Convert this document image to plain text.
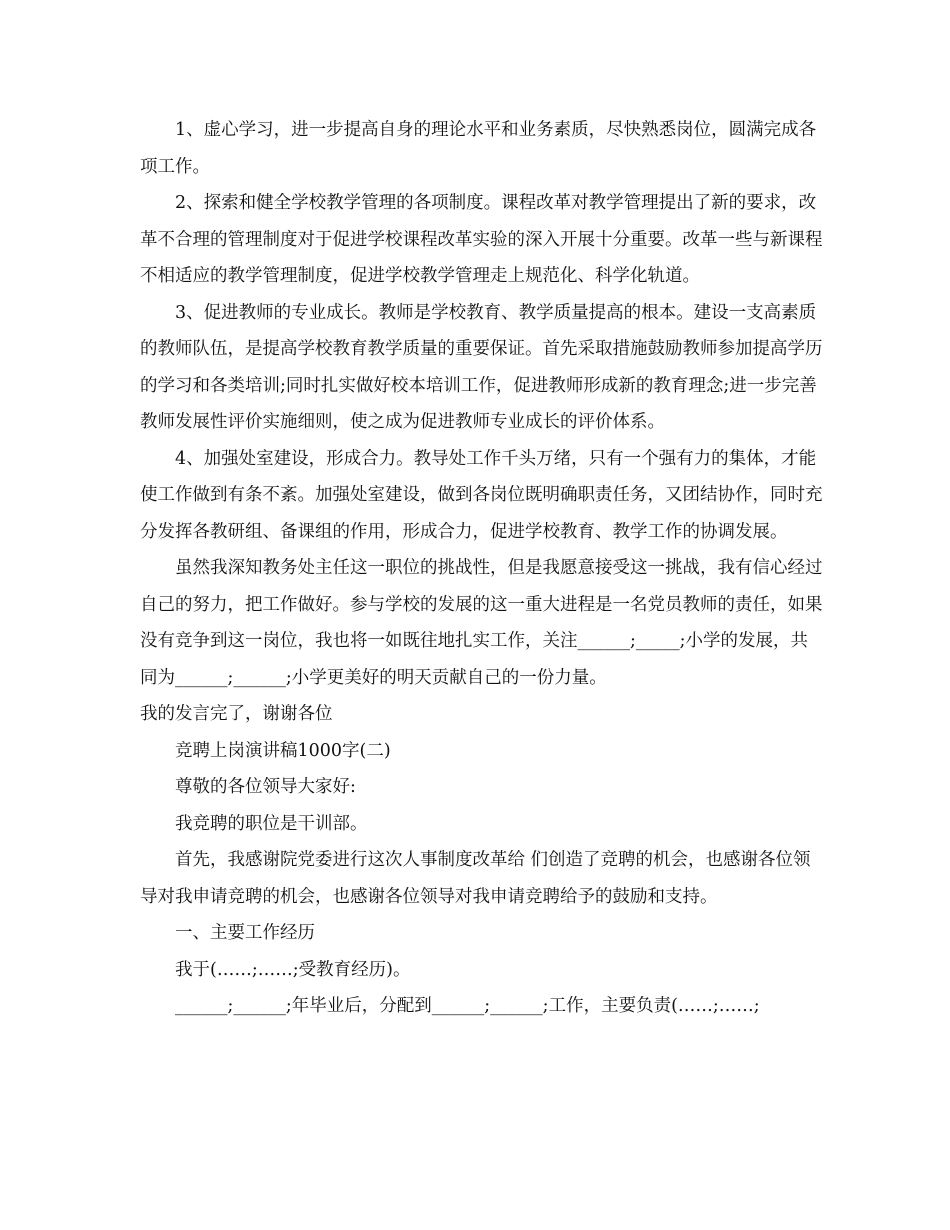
1、虚心学习，进一步提高自身的理论水平和业务素质，尽快熟悉岗位，圆满完成各项工作。

2、探索和健全学校教学管理的各项制度。课程改革对教学管理提出了新的要求，改革不合理的管理制度对于促进学校课程改革实验的深入开展十分重要。改革一些与新课程不相适应的教学管理制度，促进学校教学管理走上规范化、科学化轨道。

3、促进教师的专业成长。教师是学校教育、教学质量提高的根本。建设一支高素质的教师队伍，是提高学校教育教学质量的重要保证。首先采取措施鼓励教师参加提高学历的学习和各类培训;同时扎实做好校本培训工作，促进教师形成新的教育理念;进一步完善教师发展性评价实施细则，使之成为促进教师专业成长的评价体系。

4、加强处室建设，形成合力。教导处工作千头万绪，只有一个强有力的集体，才能使工作做到有条不紊。加强处室建设，做到各岗位既明确职责任务，又团结协作，同时充分发挥各教研组、备课组的作用，形成合力，促进学校教育、教学工作的协调发展。

虽然我深知教务处主任这一职位的挑战性，但是我愿意接受这一挑战，我有信心经过自己的努力，把工作做好。参与学校的发展的这一重大进程是一名党员教师的责任，如果没有竞争到这一岗位，我也将一如既往地扎实工作，关注______;_____;小学的发展，共同为______;______;小学更美好的明天贡献自己的一份力量。

我的发言完了，谢谢各位

竞聘上岗演讲稿1000字(二)

尊敬的各位领导大家好:

我竞聘的职位是干训部。

首先，我感谢院党委进行这次人事制度改革给 们创造了竞聘的机会，也感谢各位领导对我申请竞聘的机会，也感谢各位领导对我申请竞聘给予的鼓励和支持。

一、主要工作经历

我于(……;……;受教育经历)。

______;______;年毕业后，分配到______;______;工作，主要负责(……;……;
